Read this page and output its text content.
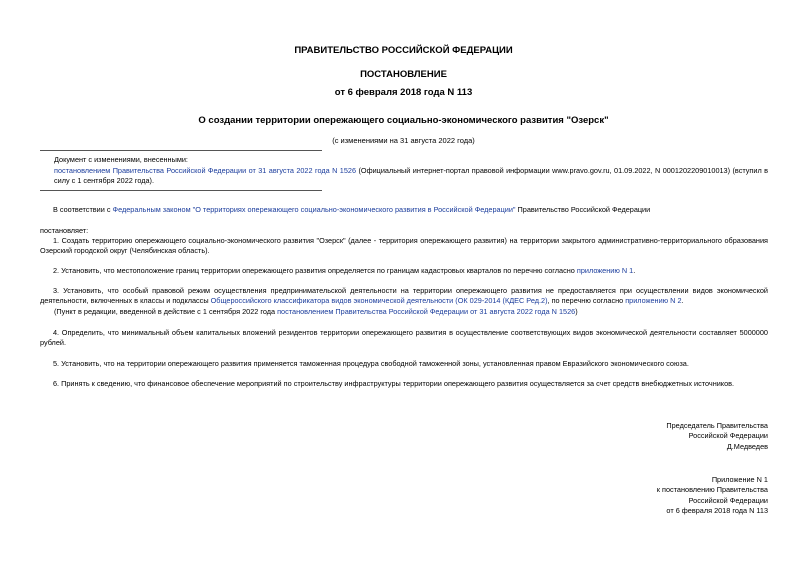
ПРАВИТЕЛЬСТВО РОССИЙСКОЙ ФЕДЕРАЦИИ
ПОСТАНОВЛЕНИЕ
от 6 февраля 2018 года N 113
О создании территории опережающего социально-экономического развития "Озерск"
(с изменениями на 31 августа 2022 года)
Документ с изменениями, внесенными:
постановлением Правительства Российской Федерации от 31 августа 2022 года N 1526 (Официальный интернет-портал правовой информации www.pravo.gov.ru, 01.09.2022, N 0001202209010013) (вступил в силу с 1 сентября 2022 года).
В соответствии с Федеральным законом "О территориях опережающего социально-экономического развития в Российской Федерации" Правительство Российской Федерации
постановляет:
1. Создать территорию опережающего социально-экономического развития "Озерск" (далее - территория опережающего развития) на территории закрытого административно-территориального образования Озерский городской округ (Челябинская область).
2. Установить, что местоположение границ территории опережающего развития определяется по границам кадастровых кварталов по перечню согласно приложению N 1.
3. Установить, что особый правовой режим осуществления предпринимательской деятельности на территории опережающего развития не предоставляется при осуществлении видов экономической деятельности, включенных в классы и подклассы Общероссийского классификатора видов экономической деятельности (ОК 029-2014 (КДЕС Ред.2), по перечню согласно приложению N 2.
(Пункт в редакции, введенной в действие с 1 сентября 2022 года постановлением Правительства Российской Федерации от 31 августа 2022 года N 1526)
4. Определить, что минимальный объем капитальных вложений резидентов территории опережающего развития в осуществление соответствующих видов экономической деятельности составляет 5000000 рублей.
5. Установить, что на территории опережающего развития применяется таможенная процедура свободной таможенной зоны, установленная правом Евразийского экономического союза.
6. Принять к сведению, что финансовое обеспечение мероприятий по строительству инфраструктуры территории опережающего развития осуществляется за счет средств внебюджетных источников.
Председатель Правительства
Российской Федерации
Д.Медведев
Приложение N 1
к постановлению Правительства
Российской Федерации
от 6 февраля 2018 года N 113
